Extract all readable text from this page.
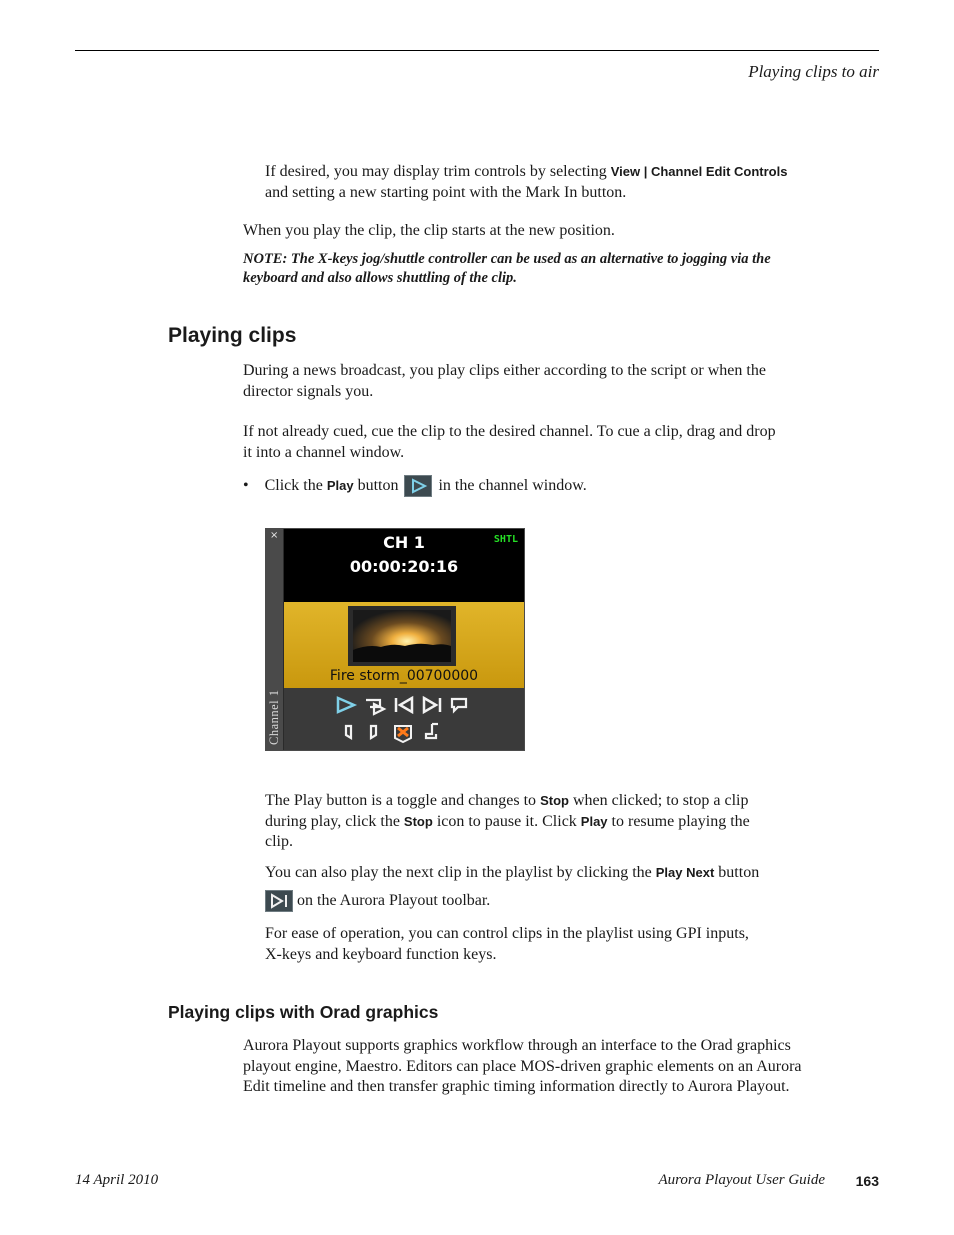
Playing clips to air
If desired, you may display trim controls by selecting View | Channel Edit Controls
and setting a new starting point with the Mark In button.
When you play the clip, the clip starts at the new position.
NOTE: The X-keys jog/shuttle controller can be used as an alternative to jogging via the
keyboard and also allows shuttling of the clip.
Playing clips
During a news broadcast, you play clips either according to the script or when the
director signals you.
If not already cued, cue the clip to the desired channel. To cue a clip, drag and drop
it into a channel window.
• Click the Play button
in the channel window.
×
Channel 1
CH 1
00:00:20:16
SHTL
Fire storm_00700000
The Play button is a toggle and changes to Stop when clicked; to stop a clip
during play, click the Stop icon to pause it. Click Play to resume playing the
clip.
You can also play the next clip in the playlist by clicking the Play Next button
on the Aurora Playout toolbar.
For ease of operation, you can control clips in the playlist using GPI inputs,
X-keys and keyboard function keys.
Playing clips with Orad graphics
Aurora Playout supports graphics workflow through an interface to the Orad graphics
playout engine, Maestro. Editors can place MOS-driven graphic elements on an Aurora
Edit timeline and then transfer graphic timing information directly to Aurora Playout.
14 April 2010	Aurora Playout User Guide 163
